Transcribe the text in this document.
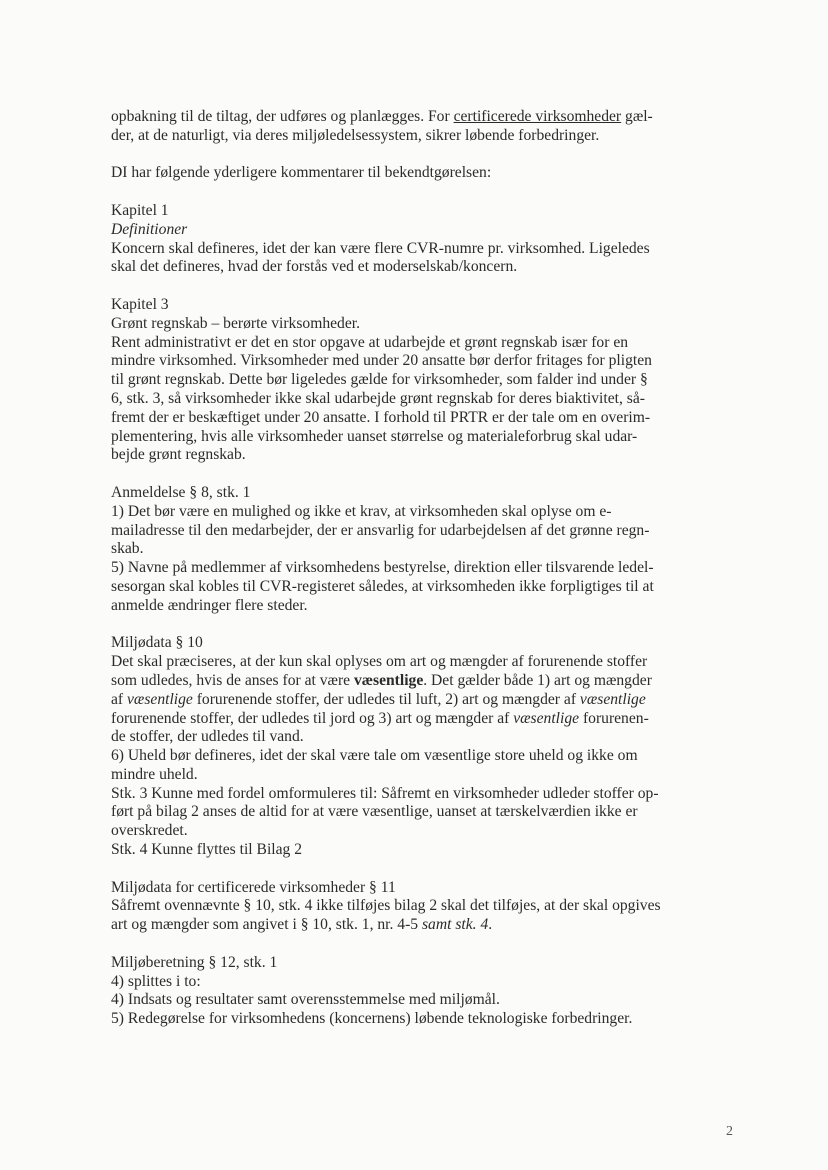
opbakning til de tiltag, der udføres og planlægges. For certificerede virksomheder gæl-

der, at de naturligt, via deres miljøledelsessystem, sikrer løbende forbedringer.

DI har følgende yderligere kommentarer til bekendtgørelsen:

Kapitel 1

Definitioner

Koncern skal defineres, idet der kan være flere CVR-numre pr. virksomhed. Ligeledes

skal det defineres, hvad der forstås ved et moderselskab/koncern.

Kapitel 3

Grønt regnskab – berørte virksomheder.

Rent administrativt er det en stor opgave at udarbejde et grønt regnskab især for en

mindre virksomhed. Virksomheder med under 20 ansatte bør derfor fritages for pligten

til grønt regnskab. Dette bør ligeledes gælde for virksomheder, som falder ind under §

6, stk. 3, så virksomheder ikke skal udarbejde grønt regnskab for deres biaktivitet, så-

fremt der er beskæftiget under 20 ansatte. I forhold til PRTR er der tale om en overim-

plementering, hvis alle virksomheder uanset størrelse og materialeforbrug skal udar-

bejde grønt regnskab.

Anmeldelse § 8, stk. 1

1) Det bør være en mulighed og ikke et krav, at virksomheden skal oplyse om e-

mailadresse til den medarbejder, der er ansvarlig for udarbejdelsen af det grønne regn-

skab.

5) Navne på medlemmer af virksomhedens bestyrelse, direktion eller tilsvarende ledel-

sesorgan skal kobles til CVR-registeret således, at virksomheden ikke forpligtiges til at

anmelde ændringer flere steder.

Miljødata § 10

Det skal præciseres, at der kun skal oplyses om art og mængder af forurenende stoffer

som udledes, hvis de anses for at være væsentlige. Det gælder både 1) art og mængder

af væsentlige forurenende stoffer, der udledes til luft, 2) art og mængder af væsentlige

forurenende stoffer, der udledes til jord og 3) art og mængder af væsentlige forurenen-

de stoffer, der udledes til vand.

6) Uheld bør defineres, idet der skal være tale om væsentlige store uheld og ikke om

mindre uheld.

Stk. 3 Kunne med fordel omformuleres til: Såfremt en virksomheder udleder stoffer op-

ført på bilag 2 anses de altid for at være væsentlige, uanset at tærskelværdien ikke er

overskredet.

Stk. 4 Kunne flyttes til Bilag 2

Miljødata for certificerede virksomheder § 11

Såfremt ovennævnte § 10, stk. 4 ikke tilføjes bilag 2 skal det tilføjes, at der skal opgives

art og mængder som angivet i § 10, stk. 1, nr. 4-5 samt stk. 4.

Miljøberetning § 12, stk. 1

4) splittes i to:

4) Indsats og resultater samt overensstemmelse med miljømål.

5) Redegørelse for virksomhedens (koncernens) løbende teknologiske forbedringer.

2
